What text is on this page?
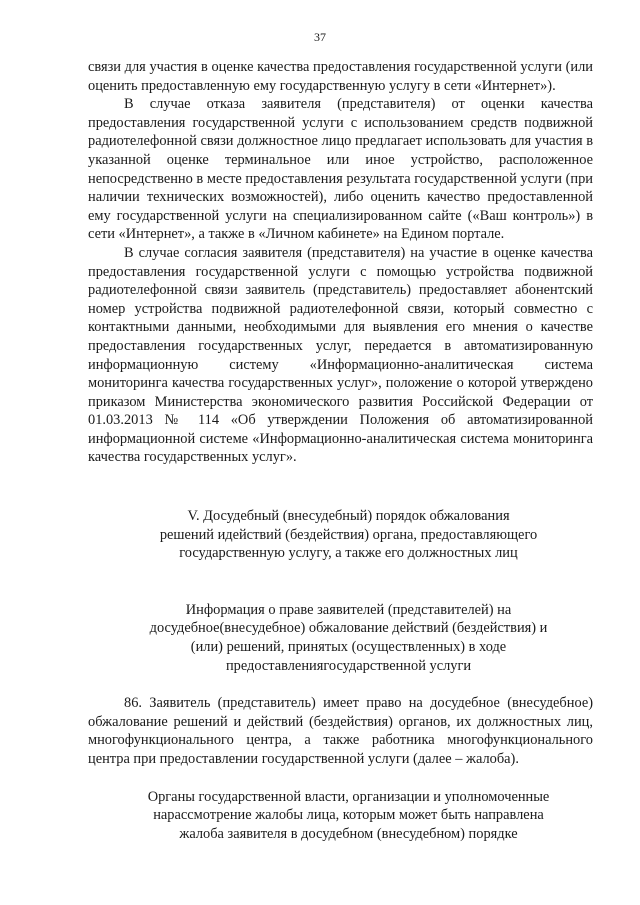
37

связи для участия в оценке качества предоставления государственной услуги (или оценить предоставленную ему государственную услугу в сети «Интернет»).

В случае отказа заявителя (представителя) от оценки качества предоставления государственной услуги с использованием средств подвижной радиотелефонной связи должностное лицо предлагает использовать для участия в указанной оценке терминальное или иное устройство, расположенное непосредственно в месте предоставления результата государственной услуги (при наличии технических возможностей), либо оценить качество предоставленной ему государственной услуги на специализированном сайте («Ваш контроль») в сети «Интернет», а также в «Личном кабинете» на Едином портале.

В случае согласия заявителя (представителя) на участие в оценке качества предоставления государственной услуги с помощью устройства подвижной радиотелефонной связи заявитель (представитель) предоставляет абонентский номер устройства подвижной радиотелефонной связи, который совместно с контактными данными, необходимыми для выявления его мнения о качестве предоставления государственных услуг, передается в автоматизированную информационную систему «Информационно-аналитическая система мониторинга качества государственных услуг», положение о которой утверждено приказом Министерства экономического развития Российской Федерации от 01.03.2013 № 114 «Об утверждении Положения об автоматизированной информационной системе «Информационно-аналитическая система мониторинга качества государственных услуг».

V. Досудебный (внесудебный) порядок обжалования

решений идействий (бездействия) органа, предоставляющего

государственную услугу, а также его должностных лиц

Информация о праве заявителей (представителей) на

досудебное(внесудебное) обжалование действий (бездействия) и

(или) решений, принятых (осуществленных) в ходе

предоставлениягосударственной услуги

86. Заявитель (представитель) имеет право на досудебное (внесудебное) обжалование решений и действий (бездействия) органов, их должностных лиц, многофункционального центра, а также работника многофункционального центра при предоставлении государственной услуги (далее – жалоба).

Органы государственной власти, организации и уполномоченные

нарассмотрение жалобы лица, которым может быть направлена

жалоба заявителя в досудебном (внесудебном) порядке
